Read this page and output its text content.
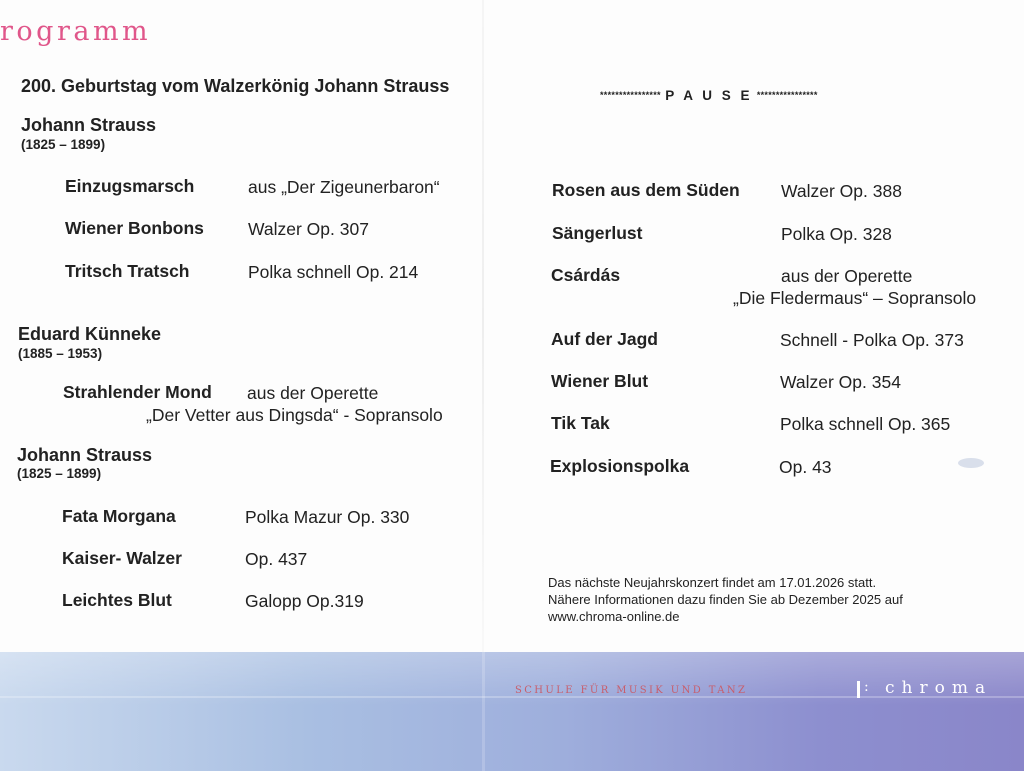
rogramm
200. Geburtstag vom Walzerkönig Johann Strauss
Johann Strauss
(1825 – 1899)
Einzugsmarsch	aus „Der Zigeunerbaron“
Wiener Bonbons	Walzer Op. 307
Tritsch Tratsch	Polka schnell Op. 214
Eduard Künneke
(1885 – 1953)
Strahlender Mond aus der Operette
„Der Vetter aus Dingsda“ - Sopransolo
Johann Strauss
(1825 – 1899)
Fata Morgana	Polka Mazur Op. 330
Kaiser- Walzer	Op. 437
Leichtes Blut	Galopp Op.319
**************** P A U S E ****************
Rosen aus dem Süden Walzer Op. 388
Sängerlust	Polka Op. 328
Csárdás	aus der Operette
„Die Fledermaus“ – Sopransolo
Auf der Jagd	Schnell - Polka Op. 373
Wiener Blut	Walzer Op. 354
Tik Tak	Polka schnell Op. 365
Explosionspolka	Op. 43
Das nächste Neujahrskonzert findet am 17.01.2026 statt.
Nähere Informationen dazu finden Sie ab Dezember 2025 auf
www.chroma-online.de
SCHULE FÜR MUSIK UND TANZ	: chroma
